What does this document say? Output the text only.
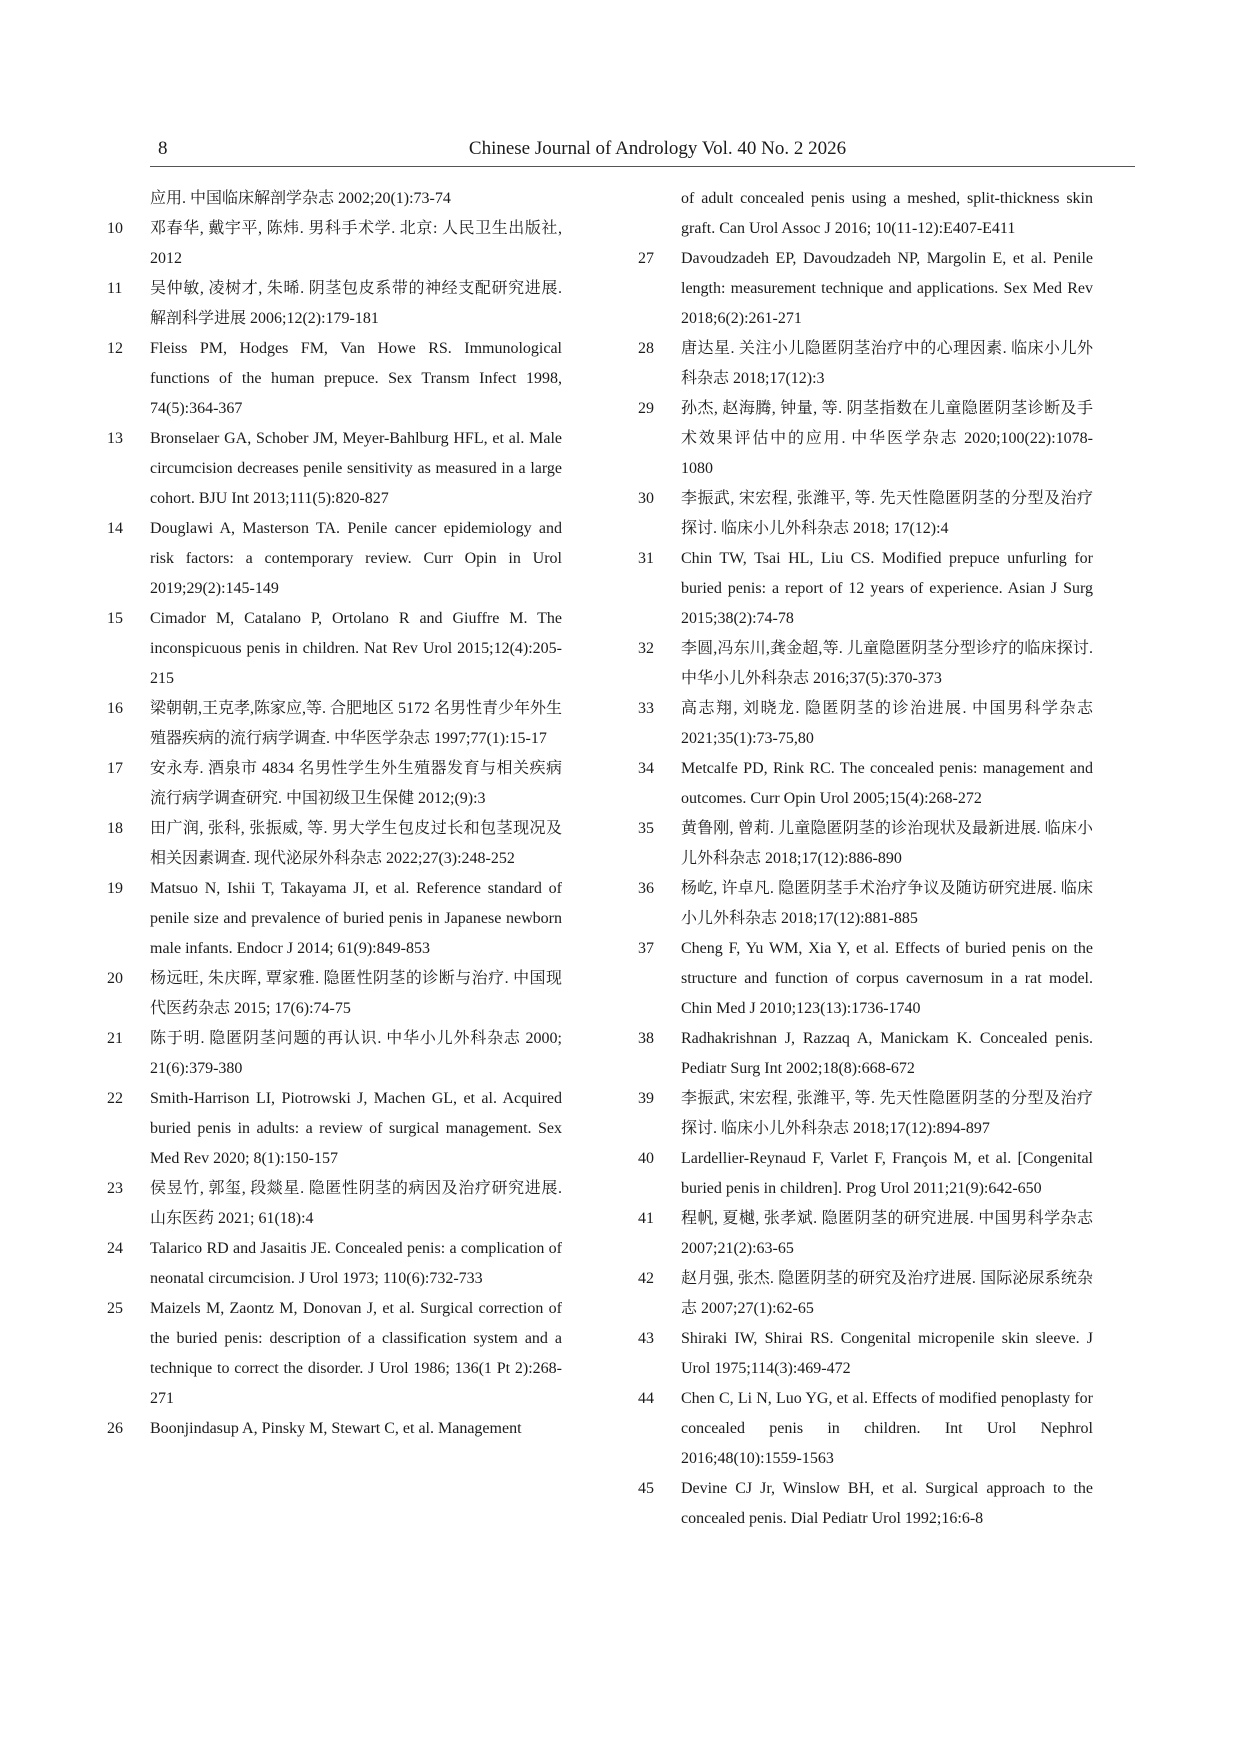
8	Chinese Journal of Andrology Vol. 40 No. 2 2026
应用. 中国临床解剖学杂志 2002;20(1):73-74
10	邓春华, 戴宇平, 陈炜. 男科手术学. 北京: 人民卫生出版社, 2012
11	吴仲敏, 凌树才, 朱晞. 阴茎包皮系带的神经支配研究进展. 解剖科学进展 2006;12(2):179-181
12	Fleiss PM, Hodges FM, Van Howe RS. Immunological functions of the human prepuce. Sex Transm Infect 1998, 74(5):364-367
13	Bronselaer GA, Schober JM, Meyer-Bahlburg HFL, et al. Male circumcision decreases penile sensitivity as measured in a large cohort. BJU Int 2013;111(5):820-827
14	Douglawi A, Masterson TA. Penile cancer epidemiology and risk factors: a contemporary review. Curr Opin in Urol 2019;29(2):145-149
15	Cimador M, Catalano P, Ortolano R and Giuffre M. The inconspicuous penis in children. Nat Rev Urol 2015;12(4):205-215
16	梁朝朝,王克孝,陈家应,等. 合肥地区 5172 名男性青少年外生殖器疾病的流行病学调查. 中华医学杂志 1997;77(1):15-17
17	安永寿. 酒泉市 4834 名男性学生外生殖器发育与相关疾病流行病学调查研究. 中国初级卫生保健 2012;(9):3
18	田广润, 张科, 张振威, 等. 男大学生包皮过长和包茎现况及相关因素调查. 现代泌尿外科杂志 2022;27(3):248-252
19	Matsuo N, Ishii T, Takayama JI, et al. Reference standard of penile size and prevalence of buried penis in Japanese newborn male infants. Endocr J 2014; 61(9):849-853
20	杨远旺, 朱庆晖, 覃家雅. 隐匿性阴茎的诊断与治疗. 中国现代医药杂志 2015; 17(6):74-75
21	陈于明. 隐匿阴茎问题的再认识. 中华小儿外科杂志 2000; 21(6):379-380
22	Smith-Harrison LI, Piotrowski J, Machen GL, et al. Acquired buried penis in adults: a review of surgical management. Sex Med Rev 2020; 8(1):150-157
23	侯昱竹, 郭玺, 段燚星. 隐匿性阴茎的病因及治疗研究进展. 山东医药 2021; 61(18):4
24	Talarico RD and Jasaitis JE. Concealed penis: a complication of neonatal circumcision. J Urol 1973; 110(6):732-733
25	Maizels M, Zaontz M, Donovan J, et al. Surgical correction of the buried penis: description of a classification system and a technique to correct the disorder. J Urol 1986; 136(1 Pt 2):268-271
26	Boonjindasup A, Pinsky M, Stewart C, et al. Management
of adult concealed penis using a meshed, split-thickness skin graft. Can Urol Assoc J 2016; 10(11-12):E407-E411
27	Davoudzadeh EP, Davoudzadeh NP, Margolin E, et al. Penile length: measurement technique and applications. Sex Med Rev 2018;6(2):261-271
28	唐达星. 关注小儿隐匿阴茎治疗中的心理因素. 临床小儿外科杂志 2018;17(12):3
29	孙杰, 赵海腾, 钟量, 等. 阴茎指数在儿童隐匿阴茎诊断及手术效果评估中的应用. 中华医学杂志 2020;100(22):1078-1080
30	李振武, 宋宏程, 张潍平, 等. 先天性隐匿阴茎的分型及治疗探讨. 临床小儿外科杂志 2018; 17(12):4
31	Chin TW, Tsai HL, Liu CS. Modified prepuce unfurling for buried penis: a report of 12 years of experience. Asian J Surg 2015;38(2):74-78
32	李圆,冯东川,龚金超,等. 儿童隐匿阴茎分型诊疗的临床探讨. 中华小儿外科杂志 2016;37(5):370-373
33	高志翔, 刘晓龙. 隐匿阴茎的诊治进展. 中国男科学杂志 2021;35(1):73-75,80
34	Metcalfe PD, Rink RC. The concealed penis: management and outcomes. Curr Opin Urol 2005;15(4):268-272
35	黄鲁刚, 曾莉. 儿童隐匿阴茎的诊治现状及最新进展. 临床小儿外科杂志 2018;17(12):886-890
36	杨屹, 许卓凡. 隐匿阴茎手术治疗争议及随访研究进展. 临床小儿外科杂志 2018;17(12):881-885
37	Cheng F, Yu WM, Xia Y, et al. Effects of buried penis on the structure and function of corpus cavernosum in a rat model. Chin Med J 2010;123(13):1736-1740
38	Radhakrishnan J, Razzaq A, Manickam K. Concealed penis. Pediatr Surg Int 2002;18(8):668-672
39	李振武, 宋宏程, 张潍平, 等. 先天性隐匿阴茎的分型及治疗探讨. 临床小儿外科杂志 2018;17(12):894-897
40	Lardellier-Reynaud F, Varlet F, François M, et al. [Congenital buried penis in children]. Prog Urol 2011;21(9):642-650
41	程帆, 夏樾, 张孝斌. 隐匿阴茎的研究进展. 中国男科学杂志 2007;21(2):63-65
42	赵月强, 张杰. 隐匿阴茎的研究及治疗进展. 国际泌尿系统杂志 2007;27(1):62-65
43	Shiraki IW, Shirai RS. Congenital micropenile skin sleeve. J Urol 1975;114(3):469-472
44	Chen C, Li N, Luo YG, et al. Effects of modified penoplasty for concealed penis in children. Int Urol Nephrol 2016;48(10):1559-1563
45	Devine CJ Jr, Winslow BH, et al. Surgical approach to the concealed penis. Dial Pediatr Urol 1992;16:6-8
